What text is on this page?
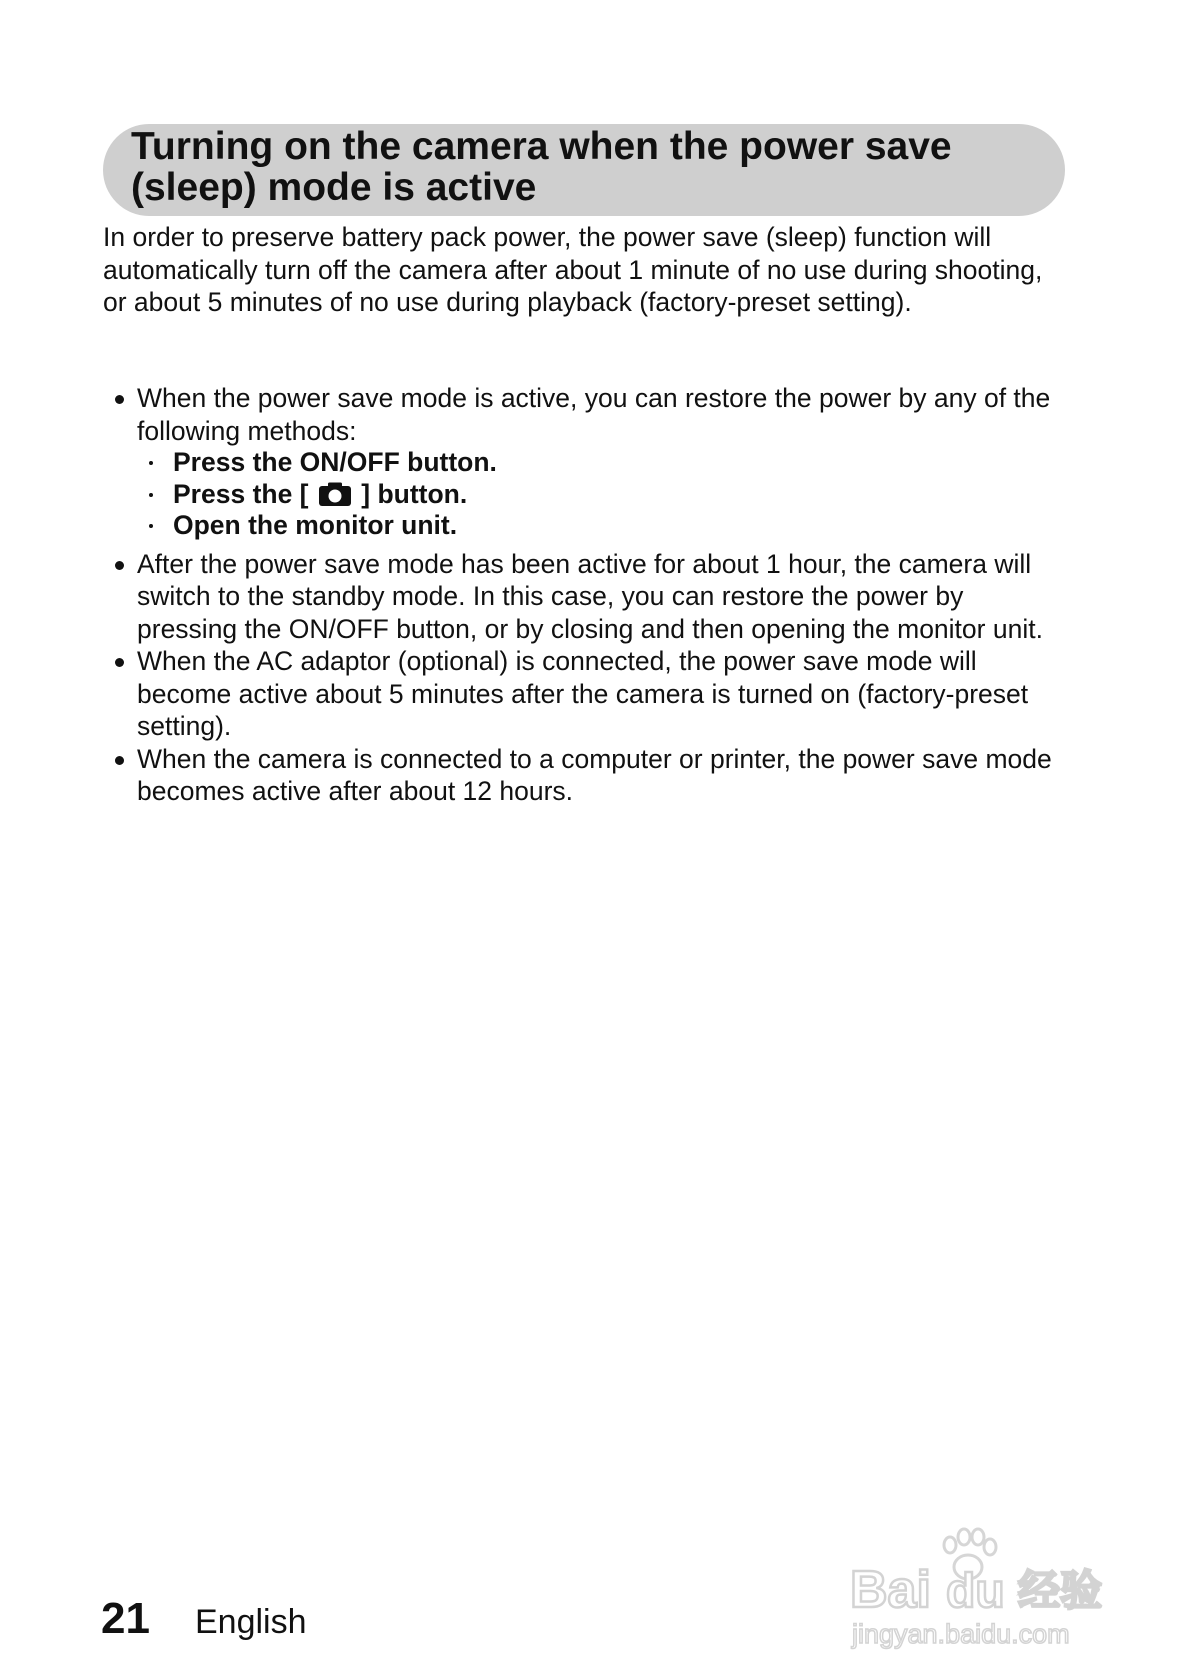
Turning on the camera when the power save
(sleep) mode is active

In order to preserve battery pack power, the power save (sleep) function will automatically turn off the camera after about 1 minute of no use during shooting, or about 5 minutes of no use during playback (factory-preset setting).

When the power save mode is active, you can restore the power by any of the following methods:
Press the ON/OFF button.
Press the [ ] button.
Open the monitor unit.
After the power save mode has been active for about 1 hour, the camera will switch to the standby mode. In this case, you can restore the power by pressing the ON/OFF button, or by closing and then opening the monitor unit.
When the AC adaptor (optional) is connected, the power save mode will become active about 5 minutes after the camera is turned on (factory-preset setting).
When the camera is connected to a computer or printer, the power save mode becomes active after about 12 hours.

21 English

Bai du 经验
jingyan.baidu.com
